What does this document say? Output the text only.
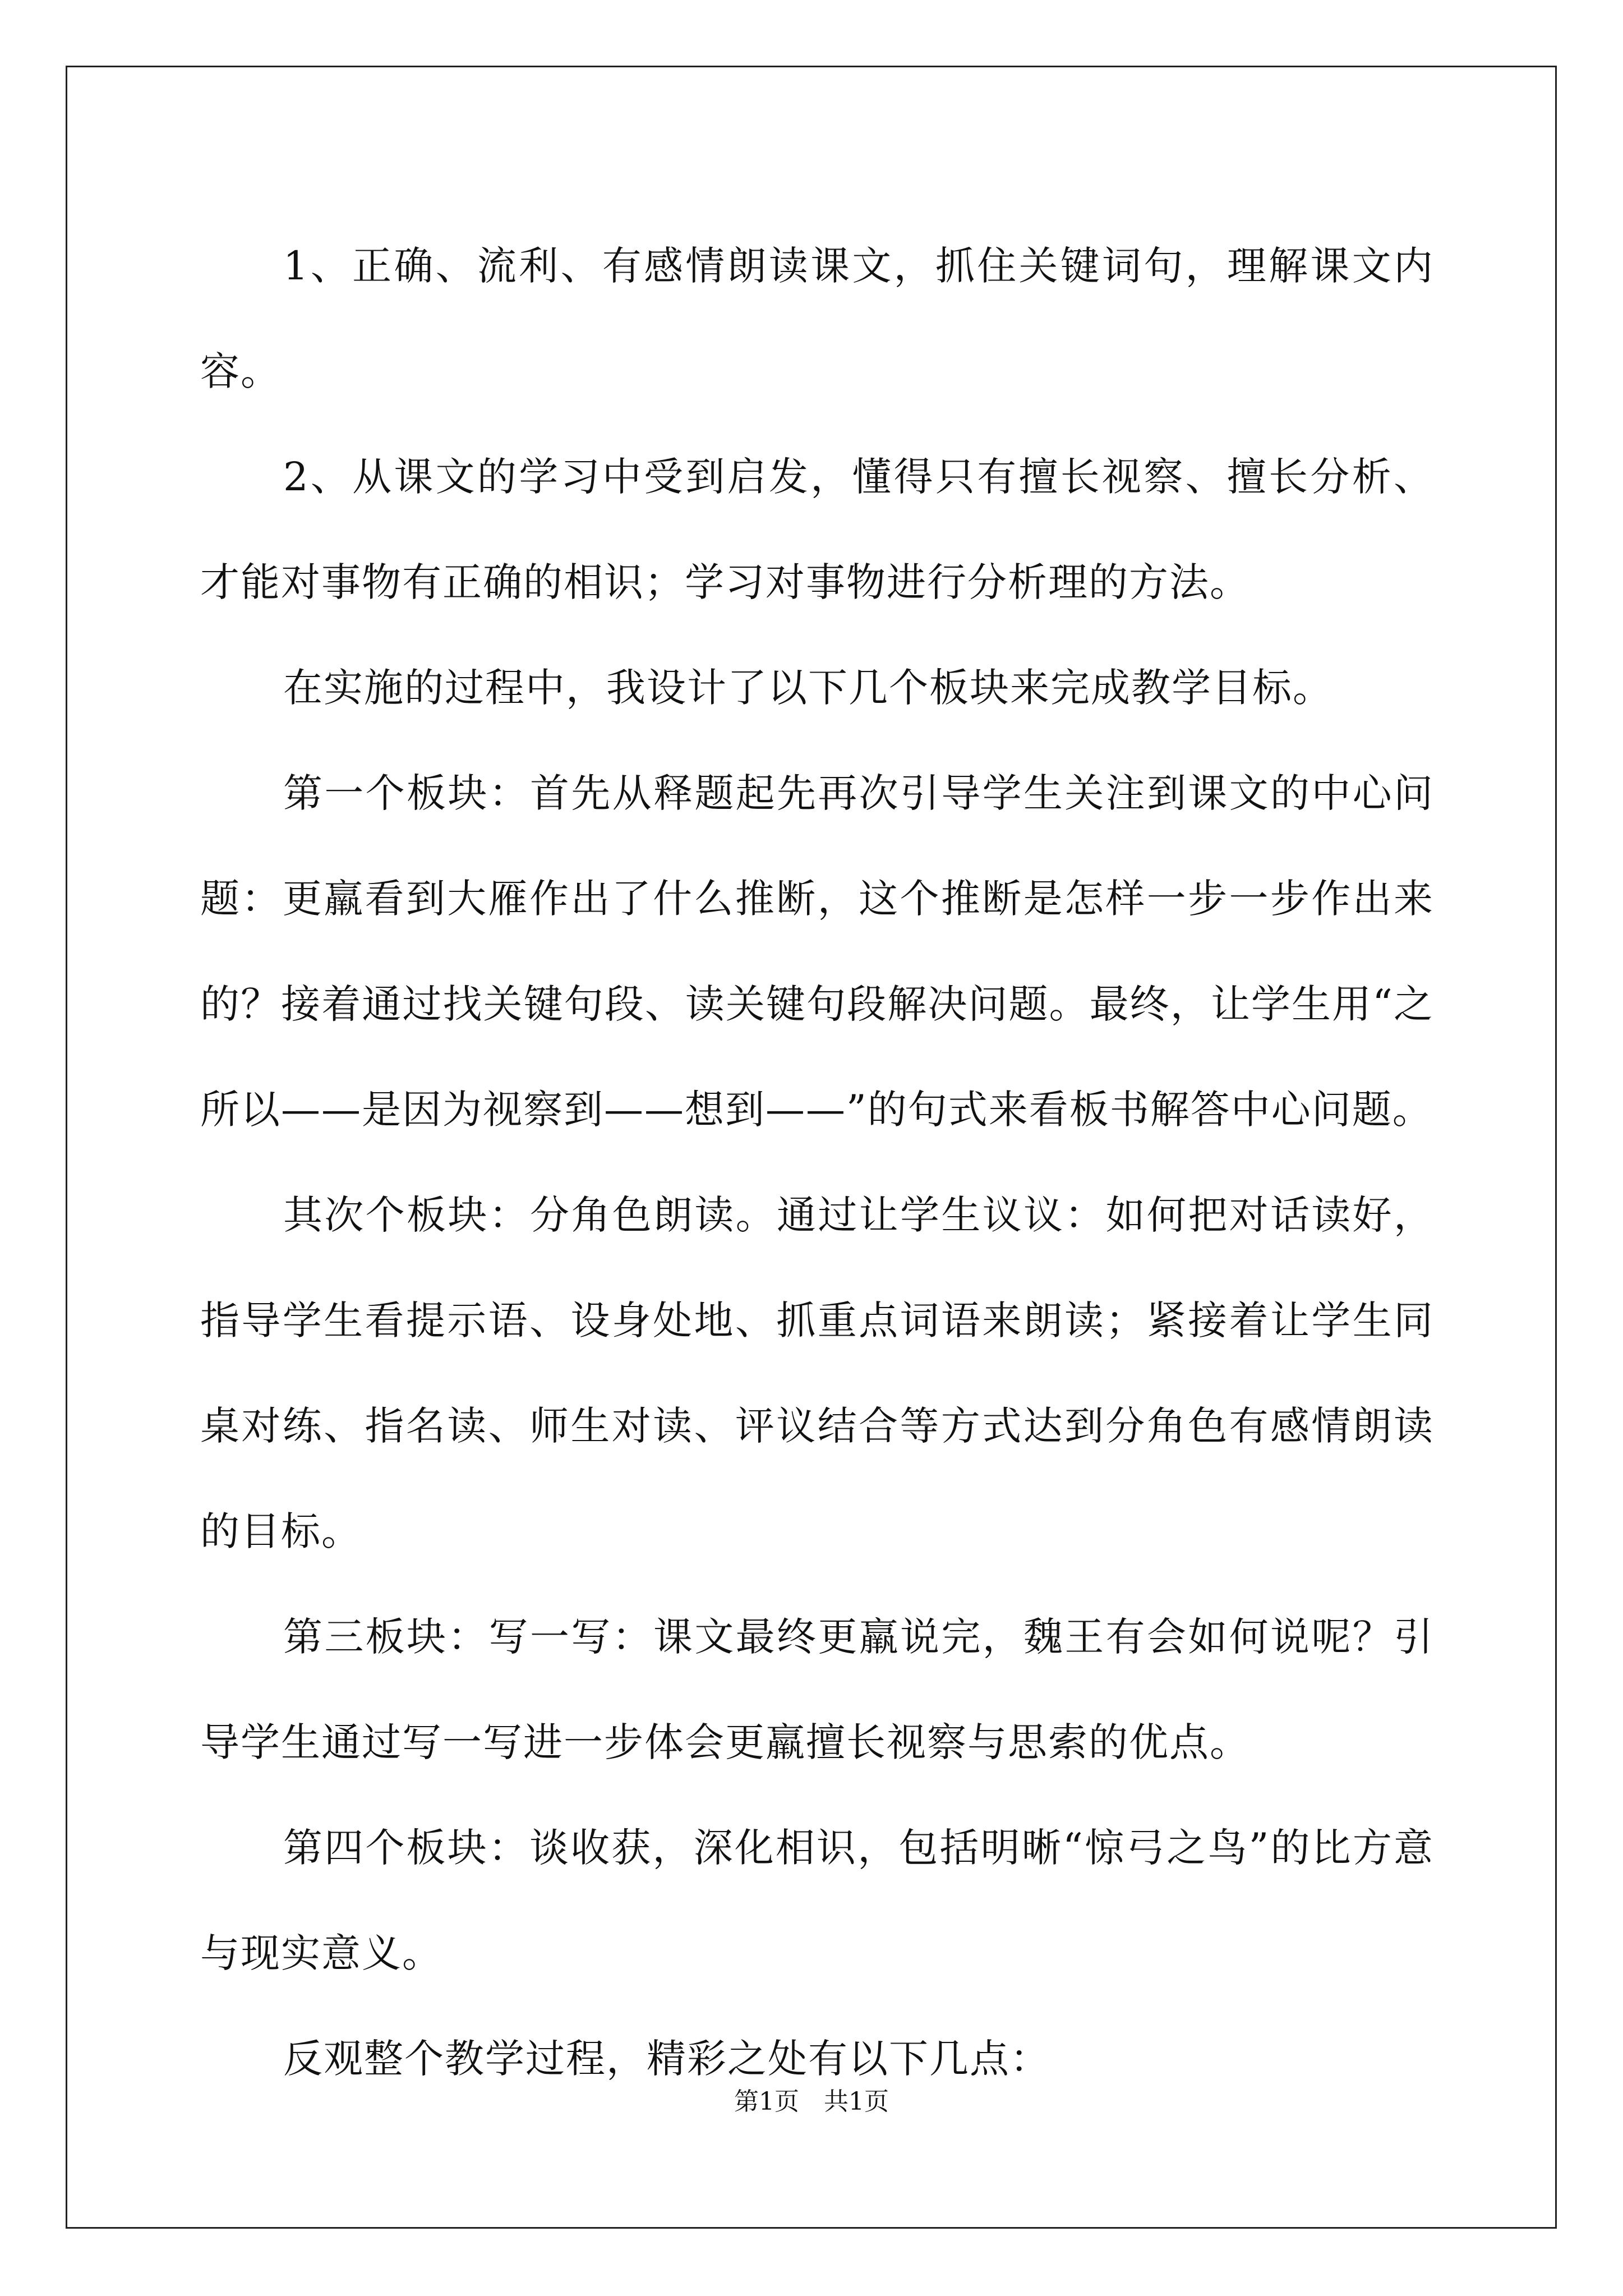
1、正确、流利、有感情朗读课文，抓住关键词句，理解课文内容。

2、从课文的学习中受到启发，懂得只有擅长视察、擅长分析、才能对事物有正确的相识；学习对事物进行分析理的方法。

在实施的过程中，我设计了以下几个板块来完成教学目标。

第一个板块：首先从释题起先再次引导学生关注到课文的中心问题：更羸看到大雁作出了什么推断，这个推断是怎样一步一步作出来的？接着通过找关键句段、读关键句段解决问题。最终，让学生用“之所以——是因为视察到——想到——”的句式来看板书解答中心问题。

其次个板块：分角色朗读。通过让学生议议：如何把对话读好，指导学生看提示语、设身处地、抓重点词语来朗读；紧接着让学生同桌对练、指名读、师生对读、评议结合等方式达到分角色有感情朗读的目标。

第三板块：写一写：课文最终更羸说完，魏王有会如何说呢？引导学生通过写一写进一步体会更羸擅长视察与思索的优点。

第四个板块：谈收获，深化相识，包括明晰“惊弓之鸟”的比方意与现实意义。

反观整个教学过程，精彩之处有以下几点：

第1页 共1页
